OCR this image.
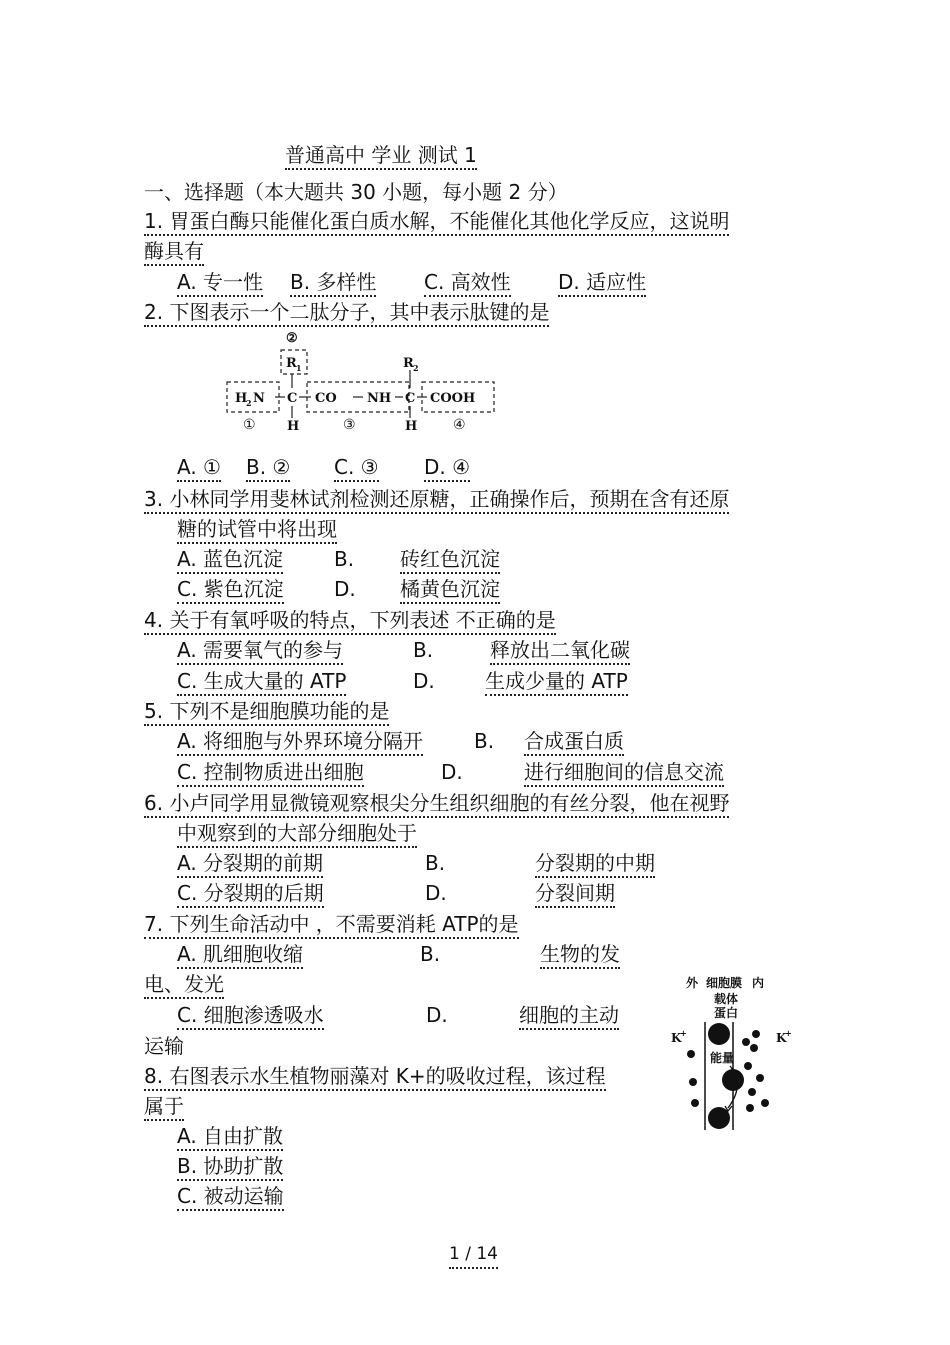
普通高中 学业 测试 1
一、选择题（本大题共 30 小题，每小题 2 分）
1. 胃蛋白酶只能催化蛋白质水解，不能催化其他化学反应，这说明
酶具有
A. 专一性 B. 多样性 C. 高效性 D. 适应性
2. 下图表示一个二肽分子，其中表示肽键的是
②
R 1	R 2
H
2 N C CO NH C COOH
H	H
①	③	④
A. ① B. ② C. ③ D. ④
3. 小林同学用斐林试剂检测还原糖，正确操作后，预期在含有还原
糖的试管中将出现
A. 蓝色沉淀	B. 砖红色沉淀
C. 紫色沉淀	D. 橘黄色沉淀
4. 关于有氧呼吸的特点，下列表述 不正确的是
A. 需要氧气的参与	B.	释放出二氧化碳
C. 生成大量的 ATP	D.	生成少量的 ATP
5. 下列不是细胞膜功能的是
A. 将细胞与外界环境分隔开	B. 合成蛋白质
C. 控制物质进出细胞	D.	进行细胞间的信息交流
6. 小卢同学用显微镜观察根尖分生组织细胞的有丝分裂，他在视野
中观察到的大部分细胞处于
A. 分裂期的前期	B.	分裂期的中期
C. 分裂期的后期	D.	分裂间期
7. 下列生命活动中 ，不需要消耗 ATP的是
A. 肌细胞收缩	B.	生物的发
电、发光
C. 细胞渗透吸水	D.	细胞的主动
运输
8. 右图表示水生植物丽藻对 K+的吸收过程，该过程
属于
A. 自由扩散
B. 协助扩散
C. 被动运输
外 细胞膜 内
载体
蛋白
K
+	K
+
能量
1 / 14
